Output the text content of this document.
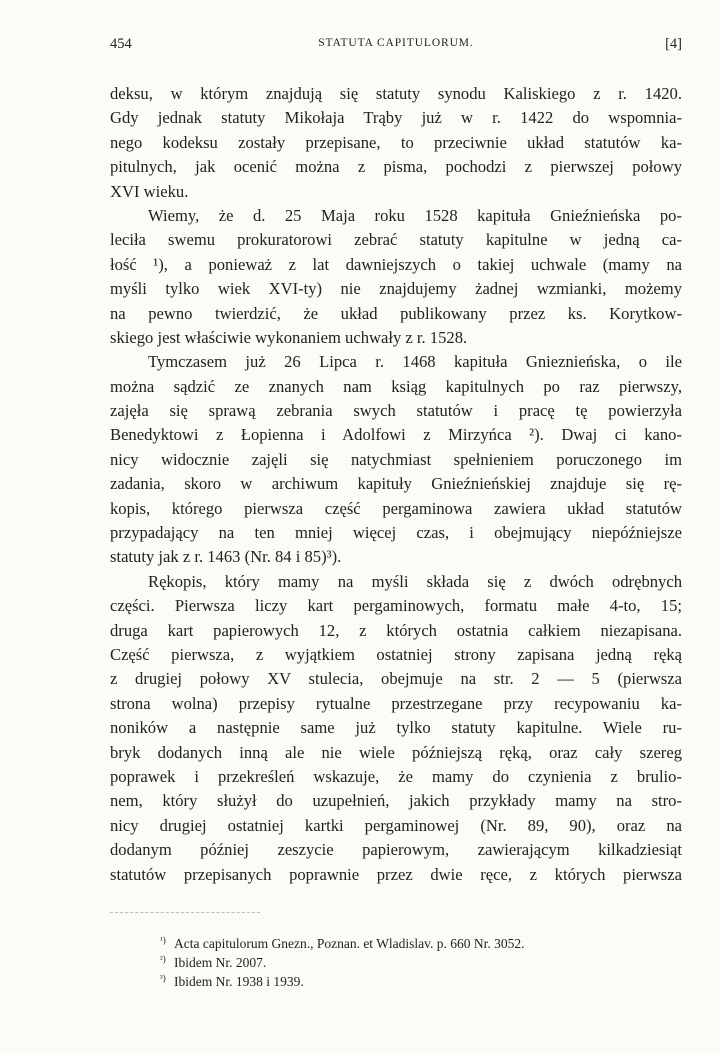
454	STATUTA CAPITULORUM.	[4]
deksu, w którym znajdują się statuty synodu Kaliskiego z r. 1420.
Gdy jednak statuty Mikołaja Trąby już w r. 1422 do wspomnia-
nego kodeksu zostały przepisane, to przeciwnie układ statutów ka-
pitulnych, jak ocenić można z pisma, pochodzi z pierwszej połowy
XVI wieku.
Wiemy, że d. 25 Maja roku 1528 kapituła Gnieźnieńska po-
leciła swemu prokuratorowi zebrać statuty kapitulne w jedną ca-
łość ¹), a ponieważ z lat dawniejszych o takiej uchwale (mamy na
myśli tylko wiek XVI-ty) nie znajdujemy żadnej wzmianki, możemy
na pewno twierdzić, że układ publikowany przez ks. Korytkow-
skiego jest właściwie wykonaniem uchwały z r. 1528.
Tymczasem już 26 Lipca r. 1468 kapituła Gnieznieńska, o ile
można sądzić ze znanych nam ksiąg kapitulnych po raz pierwszy,
zajęła się sprawą zebrania swych statutów i pracę tę powierzyła
Benedyktowi z Łopienna i Adolfowi z Mirzyńca ²). Dwaj ci kano-
nicy widocznie zajęli się natychmiast spełnieniem poruczonego im
zadania, skoro w archiwum kapituły Gnieźnieńskiej znajduje się rę-
kopis, którego pierwsza część pergaminowa zawiera układ statutów
przypadający na ten mniej więcej czas, i obejmujący niepóźniejsze
statuty jak z r. 1463 (Nr. 84 i 85)³).
Rękopis, który mamy na myśli składa się z dwóch odrębnych
części. Pierwsza liczy kart pergaminowych, formatu małe 4-to, 15;
druga kart papierowych 12, z których ostatnia całkiem niezapisana.
Część pierwsza, z wyjątkiem ostatniej strony zapisana jedną ręką
z drugiej połowy XV stulecia, obejmuje na str. 2 — 5 (pierwsza
strona wolna) przepisy rytualne przestrzegane przy recypowaniu ka-
noników a następnie same już tylko statuty kapitulne. Wiele ru-
bryk dodanych inną ale nie wiele późniejszą ręką, oraz cały szereg
poprawek i przekreśleń wskazuje, że mamy do czynienia z brulio-
nem, który służył do uzupełnień, jakich przykłady mamy na stro-
nicy drugiej ostatniej kartki pergaminowej (Nr. 89, 90), oraz na
dodanym później zeszycie papierowym, zawierającym kilkadziesiąt
statutów przepisanych poprawnie przez dwie ręce, z których pierwsza
¹) Acta capitulorum Gnezn., Poznan. et Wladislav. p. 660 Nr. 3052.
²) Ibidem Nr. 2007.
³) Ibidem Nr. 1938 i 1939.
